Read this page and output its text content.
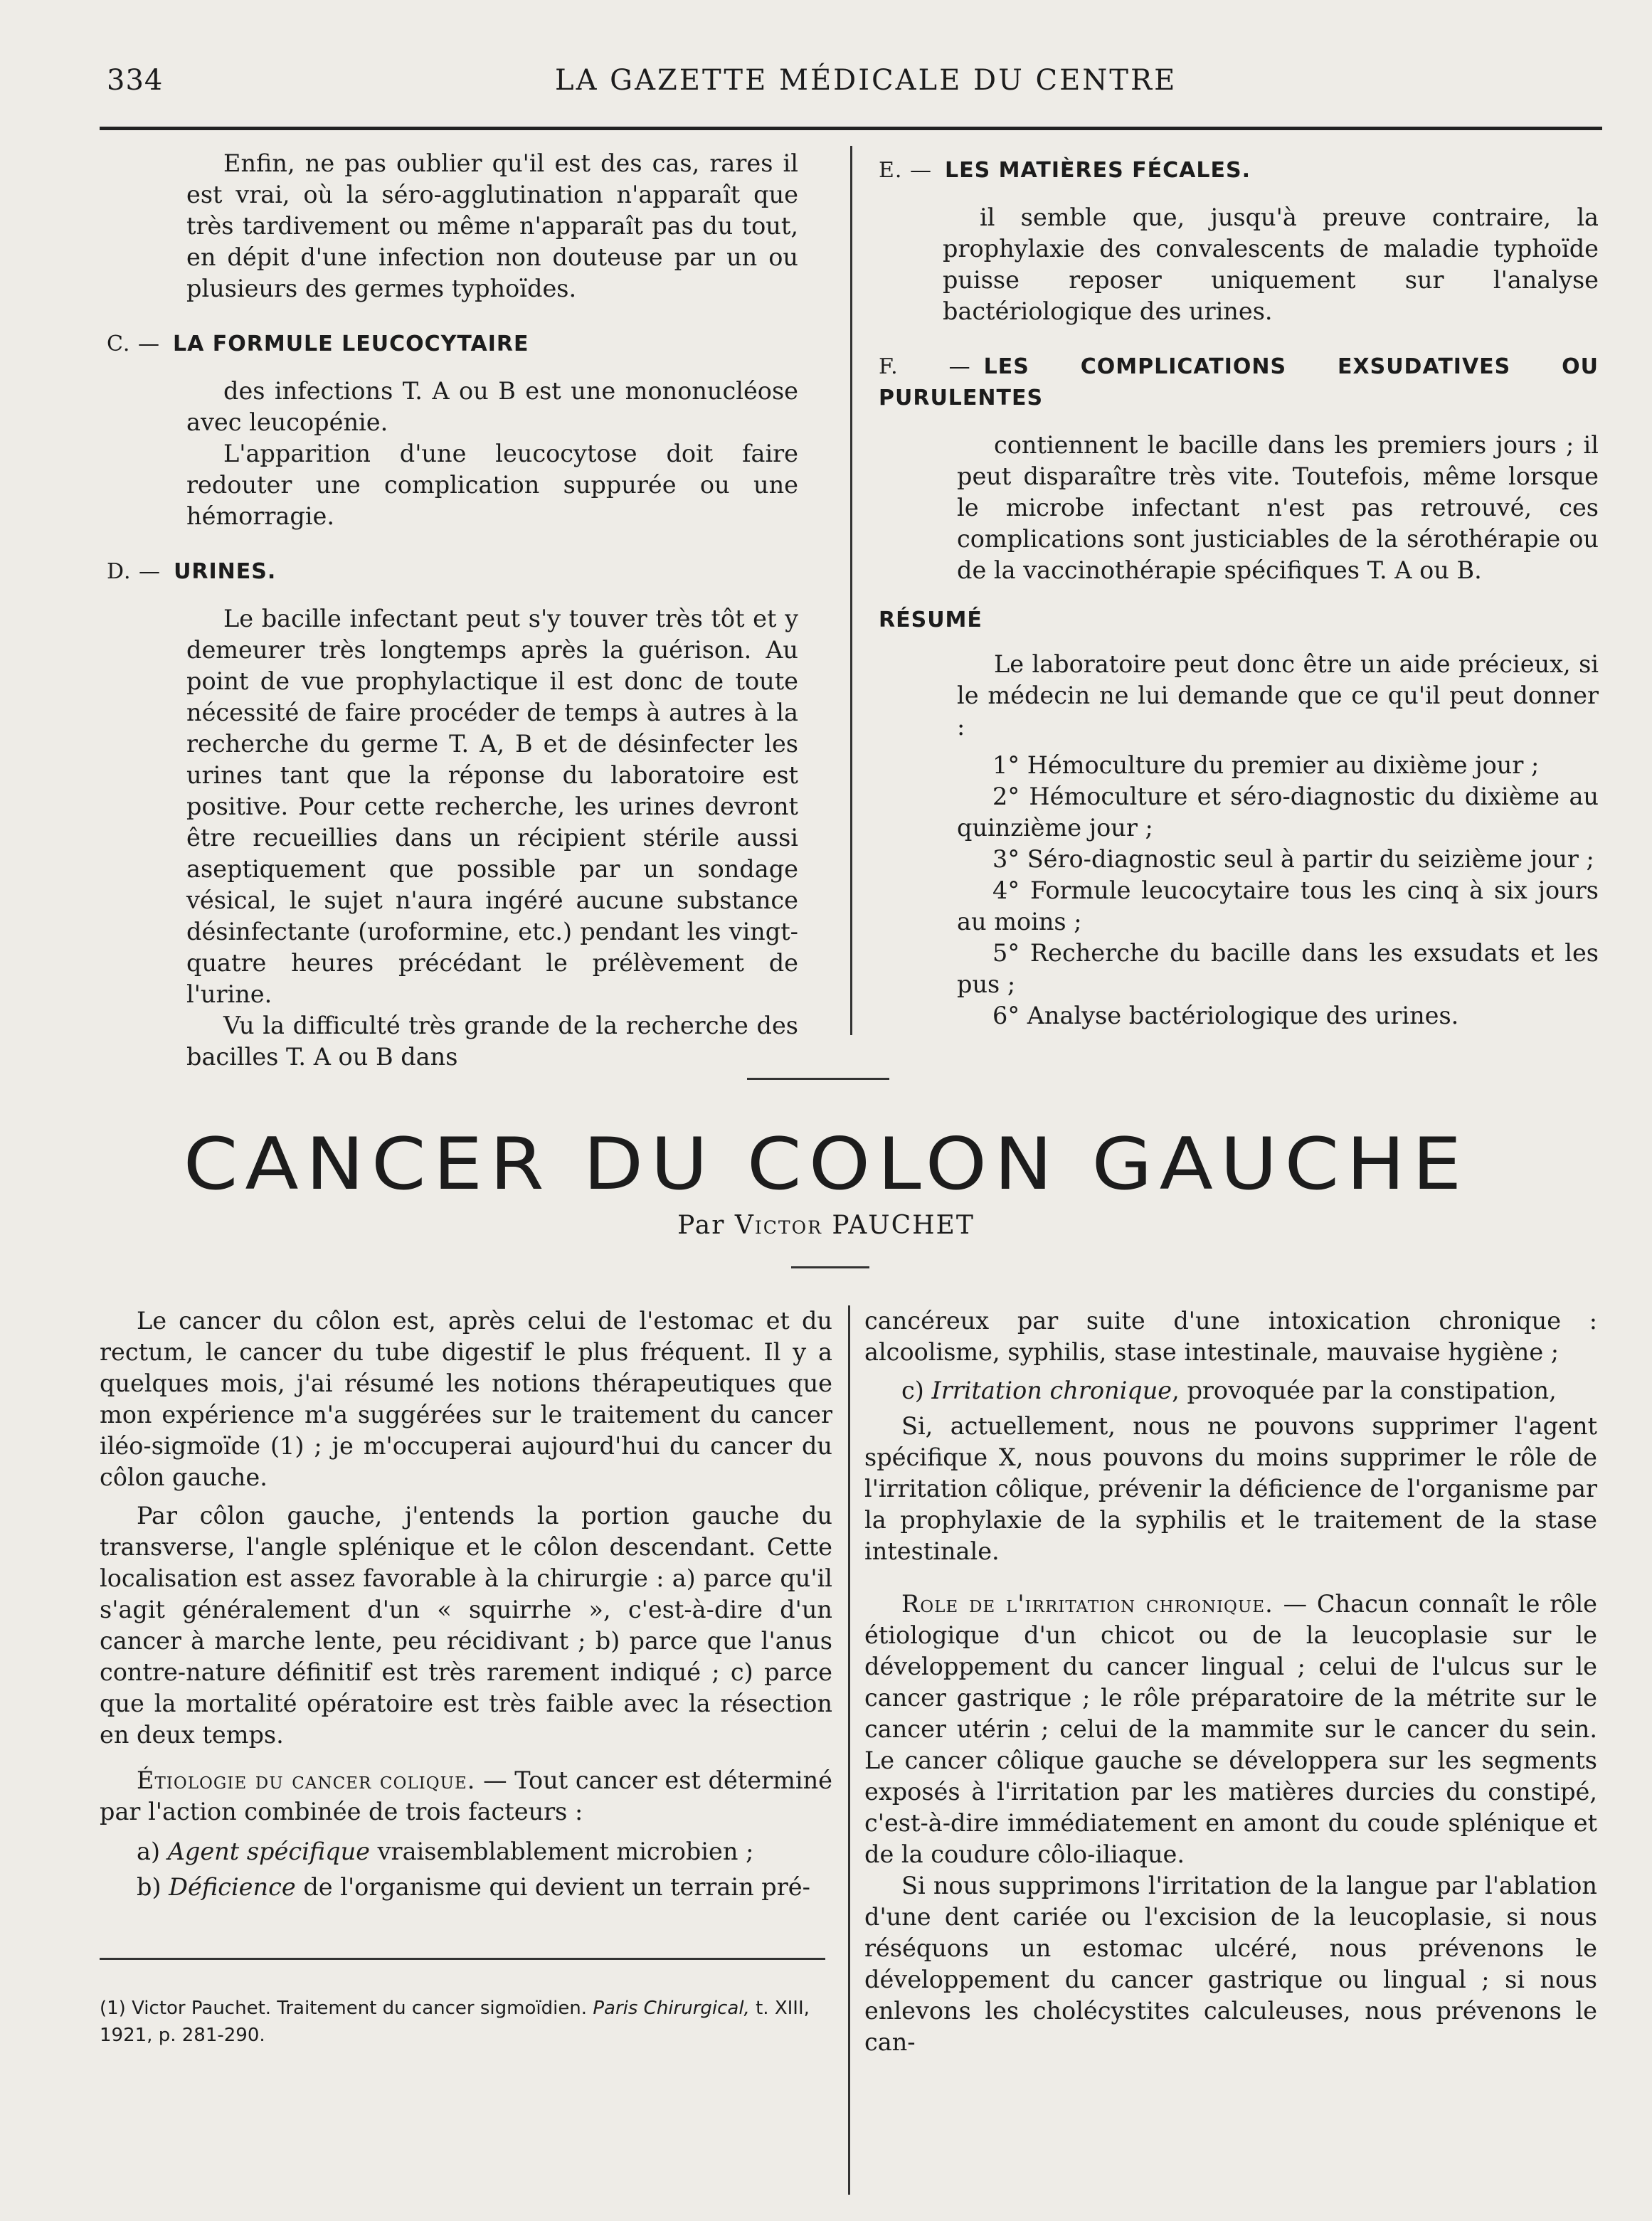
334	LA GAZETTE MÉDICALE DU CENTRE

Enfin, ne pas oublier qu'il est des cas, rares il est vrai, où la séro-agglutination n'apparaît que très tardivement ou même n'apparaît pas du tout, en dépit d'une infection non douteuse par un ou plusieurs des germes typhoïdes.

C. — LA FORMULE LEUCOCYTAIRE

des infections T. A ou B est une mononucléose avec leucopénie.

L'apparition d'une leucocytose doit faire redouter une complication suppurée ou une hémorragie.

D. — URINES.

Le bacille infectant peut s'y touver très tôt et y demeurer très longtemps après la guérison. Au point de vue prophylactique il est donc de toute nécessité de faire procéder de temps à autres à la recherche du germe T. A, B et de désinfecter les urines tant que la réponse du laboratoire est positive. Pour cette recherche, les urines devront être recueillies dans un récipient stérile aussi aseptiquement que possible par un sondage vésical, le sujet n'aura ingéré aucune substance désinfectante (uroformine, etc.) pendant les vingt-quatre heures précédant le prélèvement de l'urine.

Vu la difficulté très grande de la recherche des bacilles T. A ou B dans

E. — LES MATIÈRES FÉCALES.

il semble que, jusqu'à preuve contraire, la prophylaxie des convalescents de maladie typhoïde puisse reposer uniquement sur l'analyse bactériologique des urines.

F. — LES COMPLICATIONS EXSUDATIVES OU PURULENTES

contiennent le bacille dans les premiers jours ; il peut disparaître très vite. Toutefois, même lorsque le microbe infectant n'est pas retrouvé, ces complications sont justiciables de la sérothérapie ou de la vaccinothérapie spécifiques T. A ou B.

RÉSUMÉ

Le laboratoire peut donc être un aide précieux, si le médecin ne lui demande que ce qu'il peut donner :

1° Hémoculture du premier au dixième jour ;

2° Hémoculture et séro-diagnostic du dixième au quinzième jour ;

3° Séro-diagnostic seul à partir du seizième jour ;

4° Formule leucocytaire tous les cinq à six jours au moins ;

5° Recherche du bacille dans les exsudats et les pus ;

6° Analyse bactériologique des urines.

CANCER DU COLON GAUCHE
Par Victor PAUCHET

Le cancer du côlon est, après celui de l'estomac et du rectum, le cancer du tube digestif le plus fréquent. Il y a quelques mois, j'ai résumé les notions thérapeutiques que mon expérience m'a suggérées sur le traitement du cancer iléo-sigmoïde (1) ; je m'occuperai aujourd'hui du cancer du côlon gauche.

Par côlon gauche, j'entends la portion gauche du transverse, l'angle splénique et le côlon descendant. Cette localisation est assez favorable à la chirurgie : a) parce qu'il s'agit généralement d'un « squirrhe », c'est-à-dire d'un cancer à marche lente, peu récidivant ; b) parce que l'anus contre-nature définitif est très rarement indiqué ; c) parce que la mortalité opératoire est très faible avec la résection en deux temps.

Étiologie du cancer colique. — Tout cancer est déterminé par l'action combinée de trois facteurs :

a) Agent spécifique vraisemblablement microbien ;

b) Déficience de l'organisme qui devient un terrain pré-

cancéreux par suite d'une intoxication chronique : alcoolisme, syphilis, stase intestinale, mauvaise hygiène ;

c) Irritation chronique, provoquée par la constipation,

Si, actuellement, nous ne pouvons supprimer l'agent spécifique X, nous pouvons du moins supprimer le rôle de l'irritation côlique, prévenir la déficience de l'organisme par la prophylaxie de la syphilis et le traitement de la stase intestinale.

Role de l'irritation chronique. — Chacun connaît le rôle étiologique d'un chicot ou de la leucoplasie sur le développement du cancer lingual ; celui de l'ulcus sur le cancer gastrique ; le rôle préparatoire de la métrite sur le cancer utérin ; celui de la mammite sur le cancer du sein. Le cancer côlique gauche se développera sur les segments exposés à l'irritation par les matières durcies du constipé, c'est-à-dire immédiatement en amont du coude splénique et de la coudure côlo-iliaque.

Si nous supprimons l'irritation de la langue par l'ablation d'une dent cariée ou l'excision de la leucoplasie, si nous réséquons un estomac ulcéré, nous prévenons le développement du cancer gastrique ou lingual ; si nous enlevons les cholécystites calculeuses, nous prévenons le can-

(1) Victor Pauchet. Traitement du cancer sigmoïdien. Paris Chirurgical, t. XIII, 1921, p. 281-290.
